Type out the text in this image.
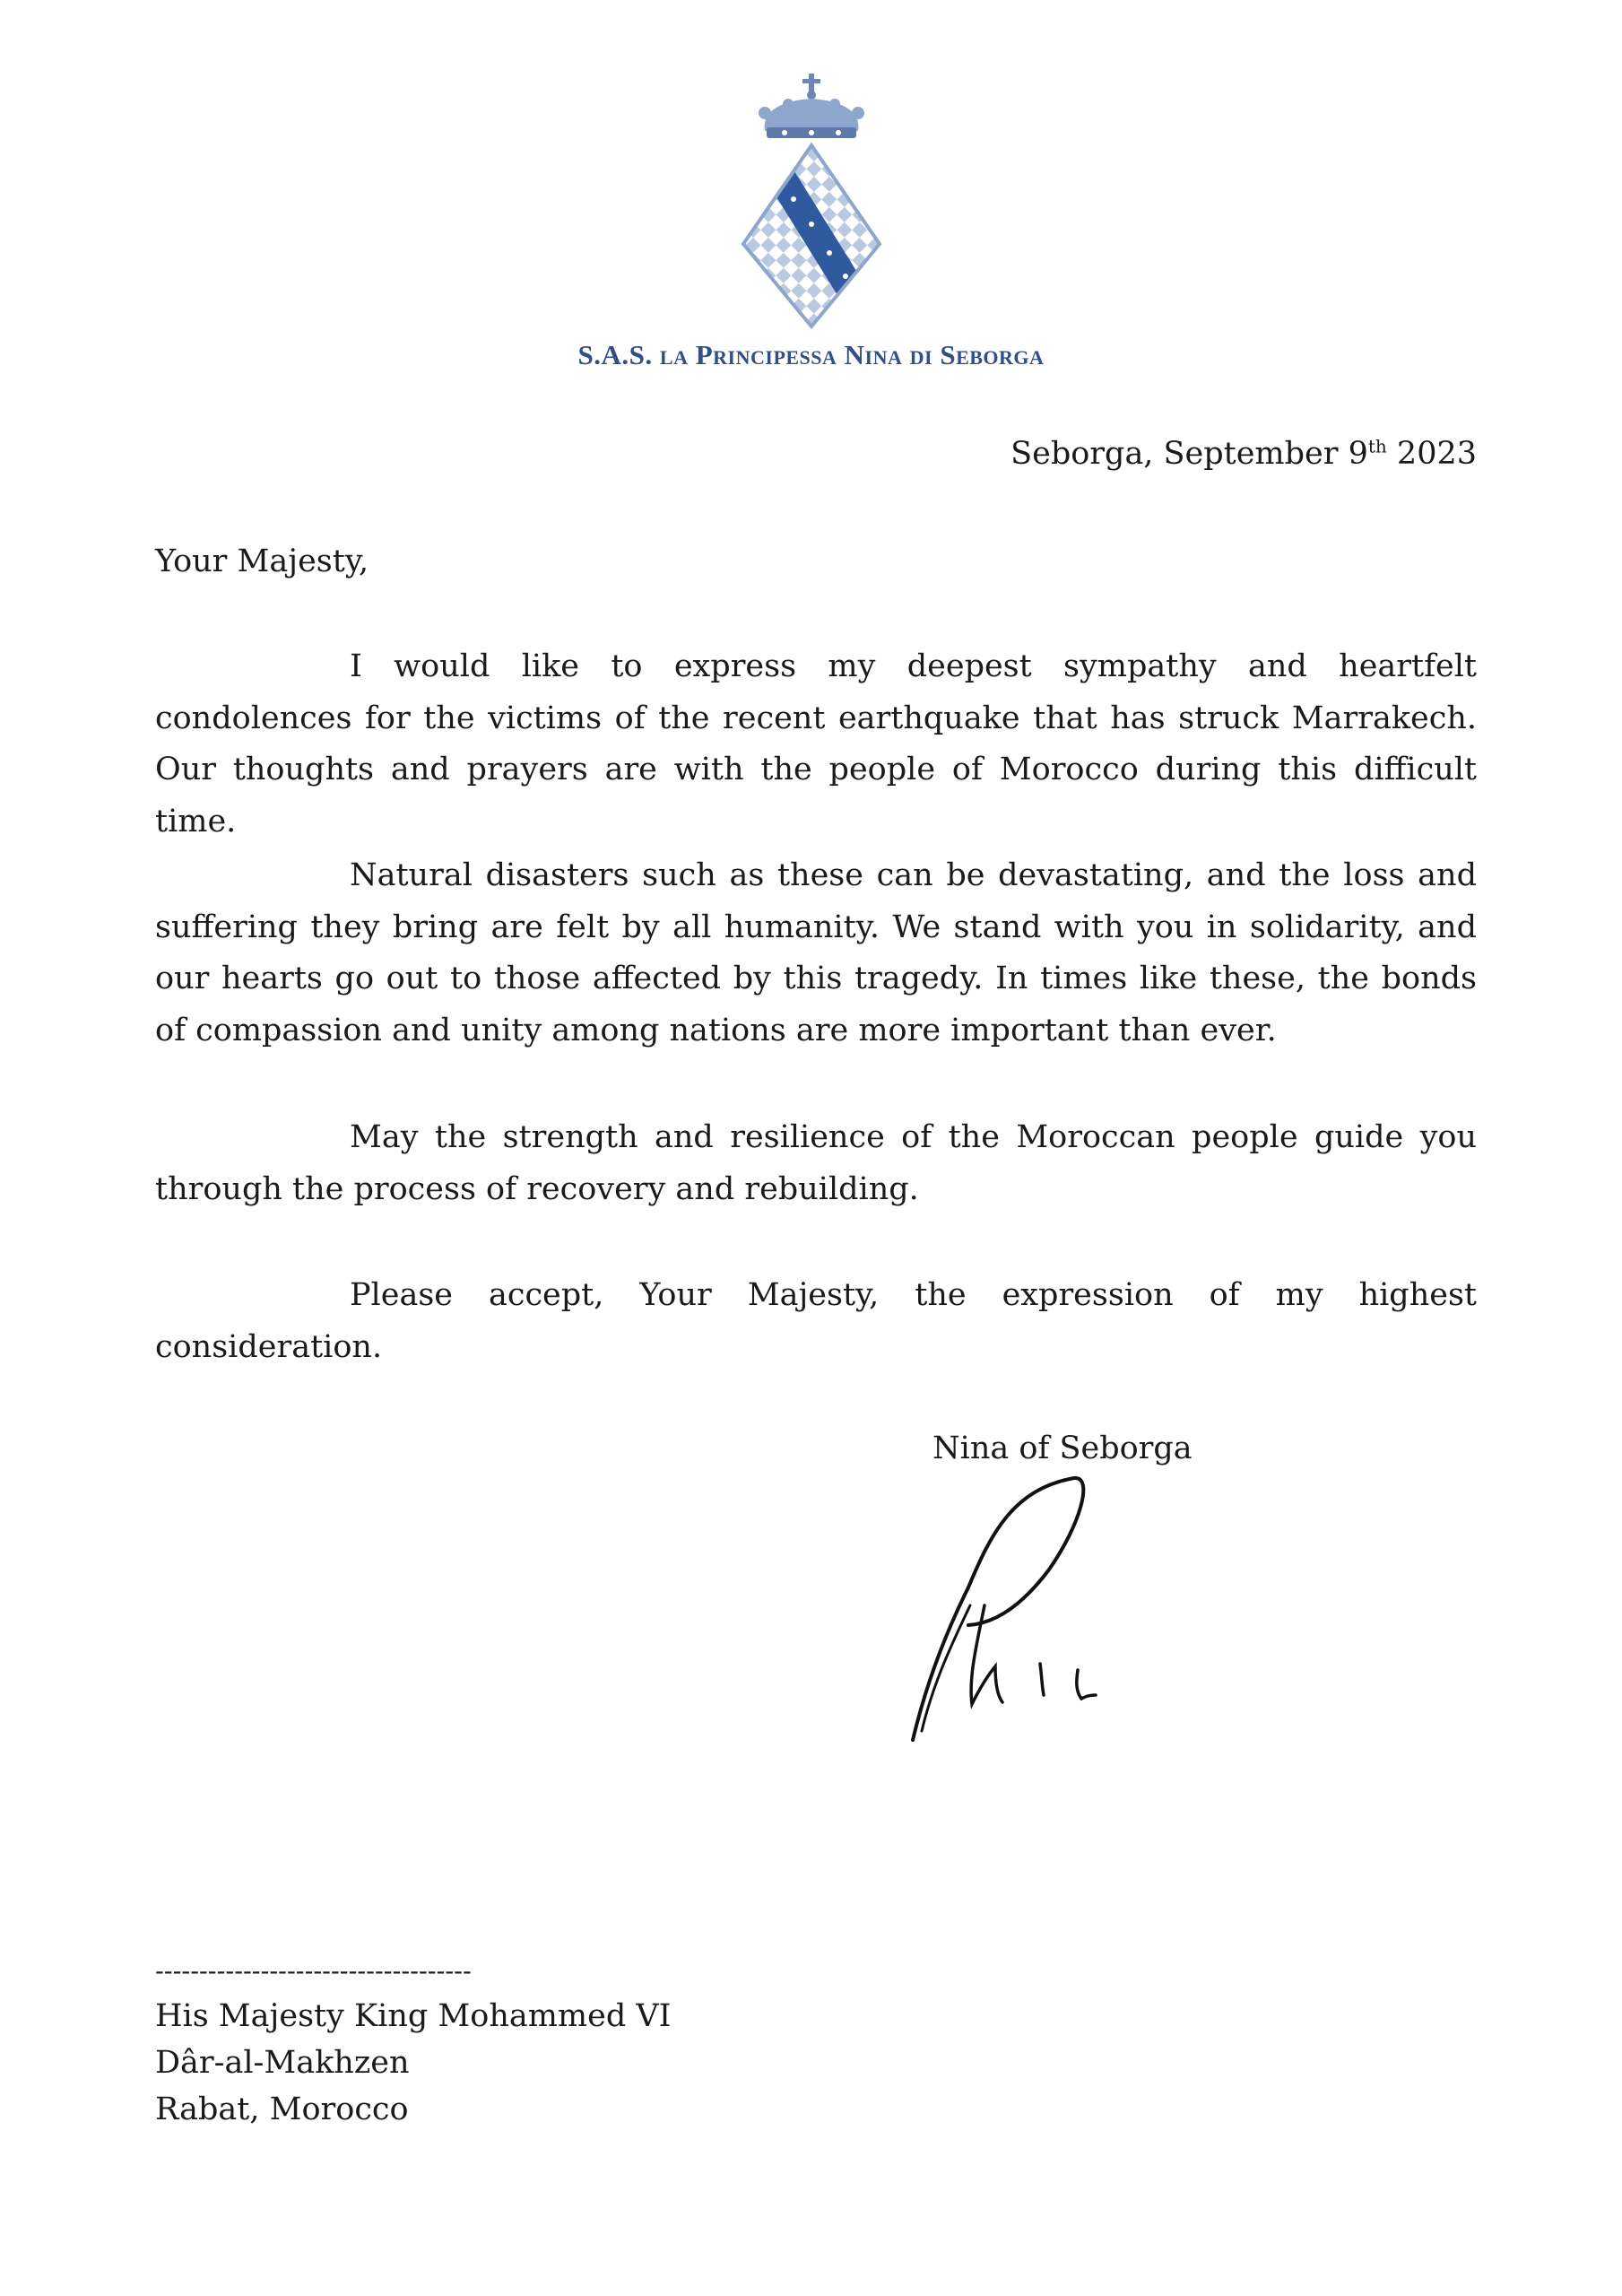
S.A.S. la Principessa Nina di Seborga
Seborga, September 9th 2023
Your Majesty,

I would like to express my deepest sympathy and heartfelt condolences for the victims of the recent earthquake that has struck Marrakech. Our thoughts and prayers are with the people of Morocco during this difficult time.

Natural disasters such as these can be devastating, and the loss and suffering they bring are felt by all humanity. We stand with you in solidarity, and our hearts go out to those affected by this tragedy. In times like these, the bonds of compassion and unity among nations are more important than ever.

May the strength and resilience of the Moroccan people guide you through the process of recovery and rebuilding.

Please accept, Your Majesty, the expression of my highest consideration.

Nina of Seborga
------------------------------------
His Majesty King Mohammed VI
Dâr-al-Makhzen
Rabat, Morocco
